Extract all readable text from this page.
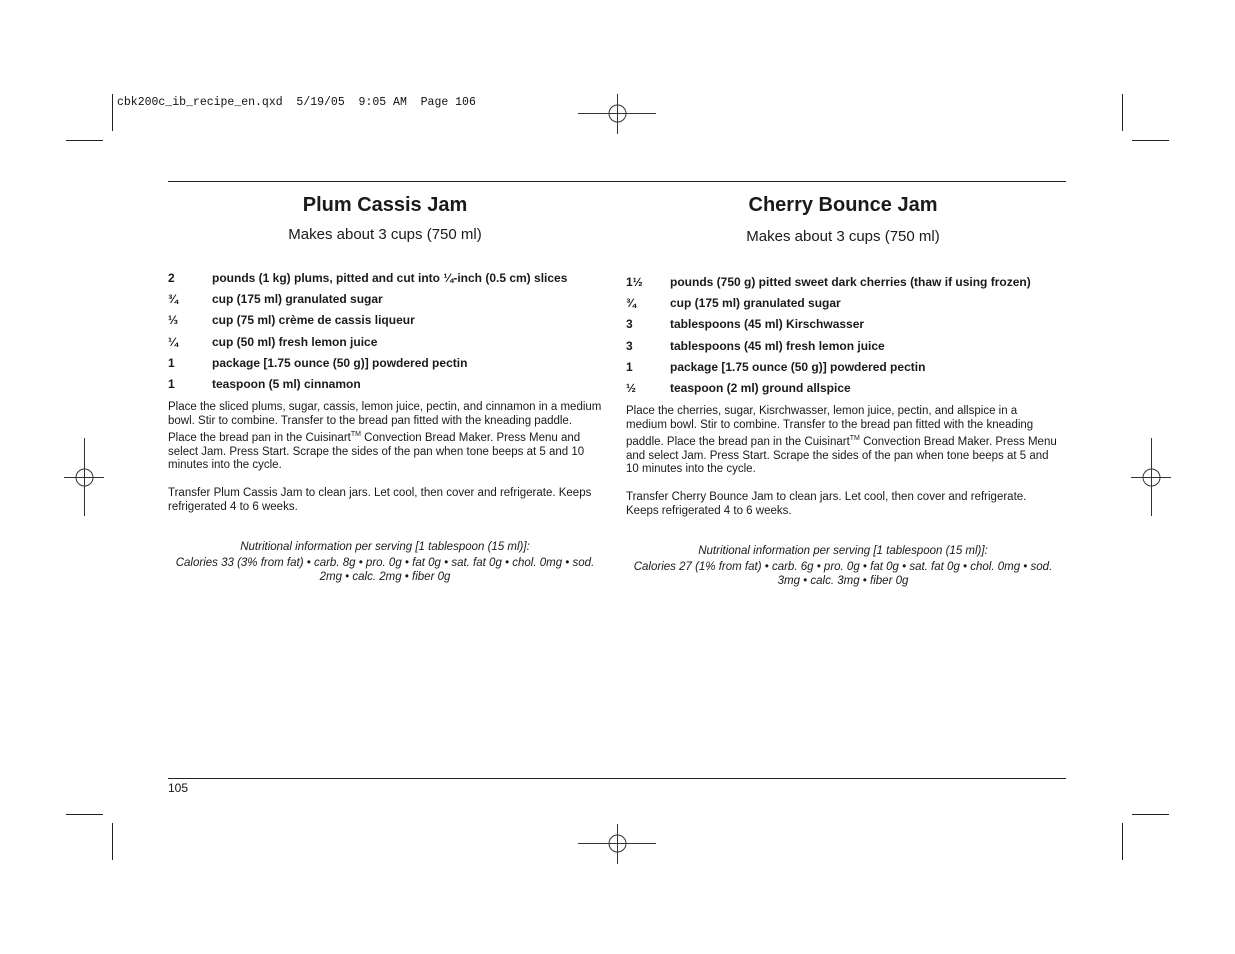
cbk200c_ib_recipe_en.qxd  5/19/05  9:05 AM  Page 106
Plum Cassis Jam
Makes about 3 cups (750 ml)
2	pounds (1 kg) plums, pitted and cut into ¼-inch (0.5 cm) slices
¾	cup (175 ml) granulated sugar
⅓	cup (75 ml) crème de cassis liqueur
¼	cup (50 ml) fresh lemon juice
1	package [1.75 ounce (50 g)] powdered pectin
1	teaspoon (5 ml) cinnamon

Place the sliced plums, sugar, cassis, lemon juice, pectin, and cinnamon in a medium bowl. Stir to combine. Transfer to the bread pan fitted with the kneading paddle. Place the bread pan in the Cuisinart™ Convection Bread Maker. Press Menu and select Jam. Press Start. Scrape the sides of the pan when tone beeps at 5 and 10 minutes into the cycle.

Transfer Plum Cassis Jam to clean jars. Let cool, then cover and refrigerate. Keeps refrigerated 4 to 6 weeks.

Nutritional information per serving [1 tablespoon (15 ml)]:
Calories 33 (3% from fat) • carb. 8g • pro. 0g • fat 0g • sat. fat 0g • chol. 0mg • sod. 2mg • calc. 2mg • fiber 0g
Cherry Bounce Jam
Makes about 3 cups (750 ml)
1½	pounds (750 g) pitted sweet dark cherries (thaw if using frozen)
¾	cup (175 ml) granulated sugar
3	tablespoons (45 ml) Kirschwasser
3	tablespoons (45 ml) fresh lemon juice
1	package [1.75 ounce (50 g)] powdered pectin
½	teaspoon (2 ml) ground allspice

Place the cherries, sugar, Kisrchwasser, lemon juice, pectin, and allspice in a medium bowl. Stir to combine. Transfer to the bread pan fitted with the kneading paddle. Place the bread pan in the Cuisinart™ Convection Bread Maker. Press Menu and select Jam. Press Start. Scrape the sides of the pan when tone beeps at 5 and 10 minutes into the cycle.

Transfer Cherry Bounce Jam to clean jars. Let cool, then cover and refrigerate. Keeps refrigerated 4 to 6 weeks.

Nutritional information per serving [1 tablespoon (15 ml)]:
Calories 27 (1% from fat) • carb. 6g • pro. 0g • fat 0g • sat. fat 0g • chol. 0mg • sod. 3mg • calc. 3mg • fiber 0g
105
